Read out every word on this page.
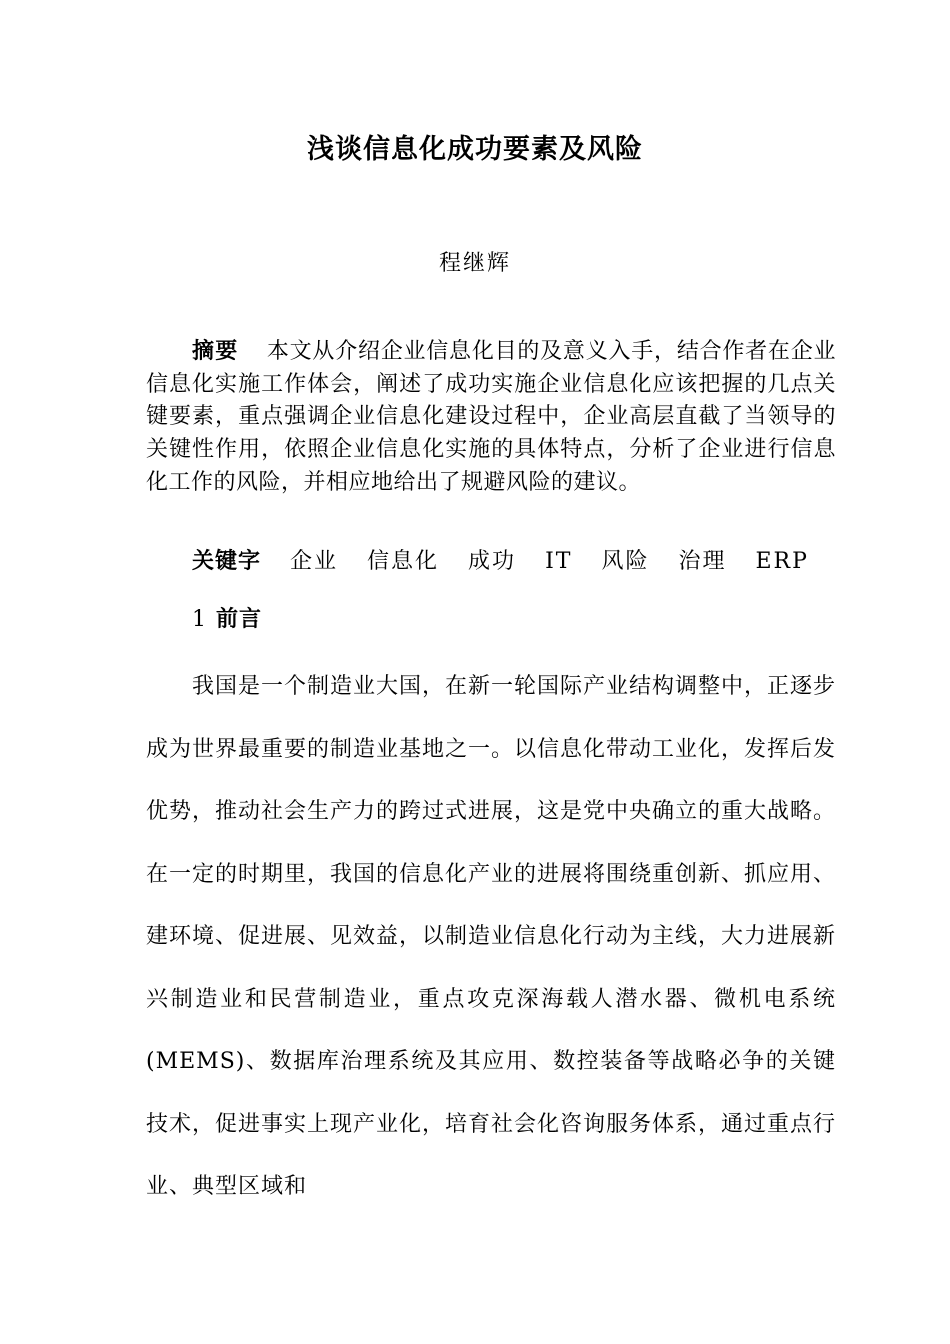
浅谈信息化成功要素及风险
程继辉
摘要 本文从介绍企业信息化目的及意义入手，结合作者在企业信息化实施工作体会，阐述了成功实施企业信息化应该把握的几点关键要素，重点强调企业信息化建设过程中，企业高层直截了当领导的关键性作用，依照企业信息化实施的具体特点，分析了企业进行信息化工作的风险，并相应地给出了规避风险的建议。
关键字 企业 信息化 成功 IT 风险 治理 ERP
1 前言
我国是一个制造业大国，在新一轮国际产业结构调整中，正逐步成为世界最重要的制造业基地之一。以信息化带动工业化，发挥后发优势，推动社会生产力的跨过式进展，这是党中央确立的重大战略。在一定的时期里，我国的信息化产业的进展将围绕重创新、抓应用、建环境、促进展、见效益，以制造业信息化行动为主线，大力进展新兴制造业和民营制造业，重点攻克深海载人潜水器、微机电系统(MEMS)、数据库治理系统及其应用、数控装备等战略必争的关键技术，促进事实上现产业化，培育社会化咨询服务体系，通过重点行业、典型区域和
